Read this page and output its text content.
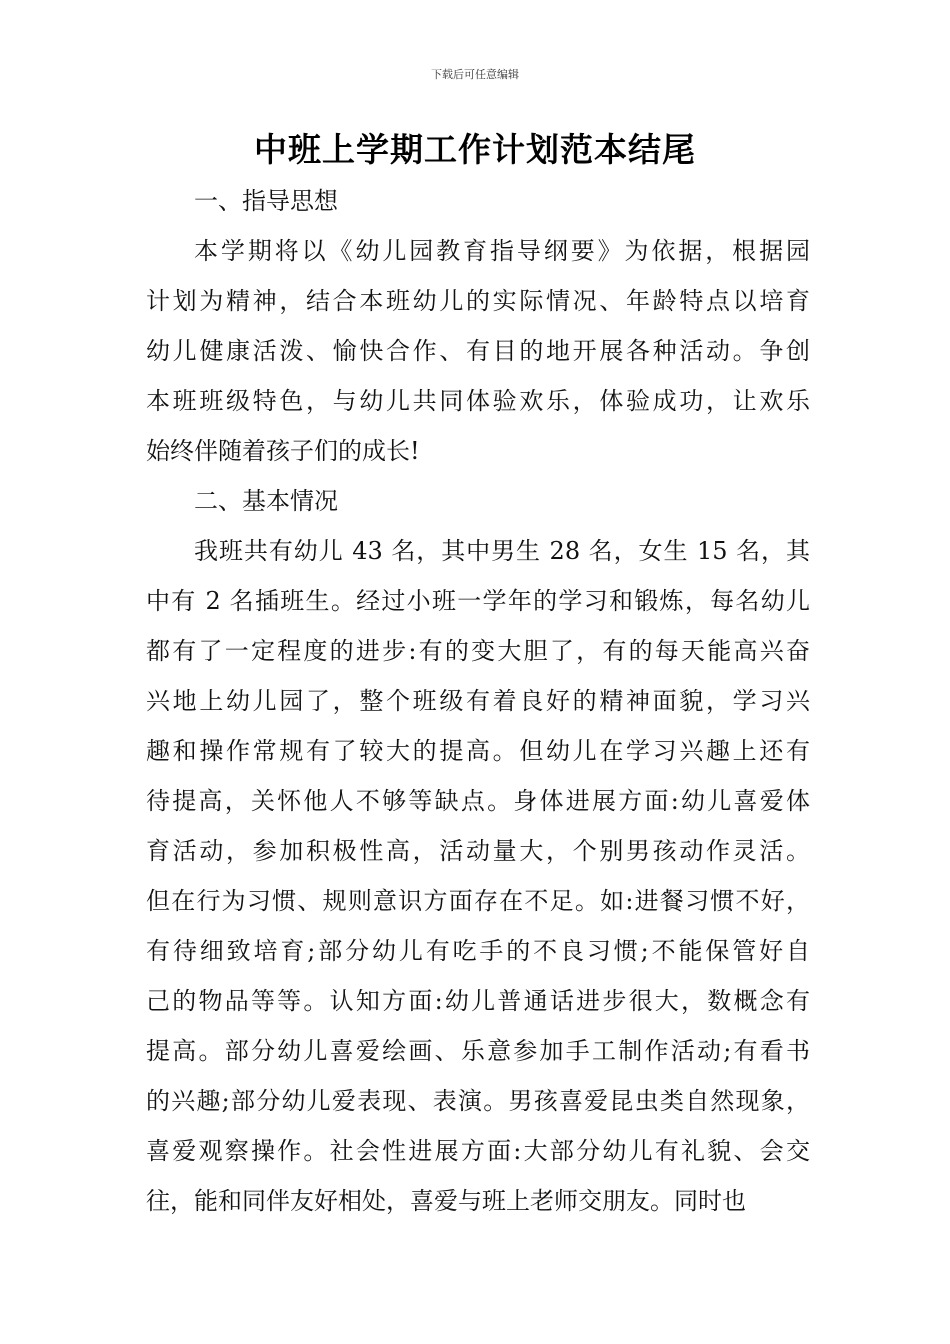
下载后可任意编辑
中班上学期工作计划范本结尾

一、指导思想

本学期将以《幼儿园教育指导纲要》为依据，根据园
计划为精神，结合本班幼儿的实际情况、年龄特点以培育
幼儿健康活泼、愉快合作、有目的地开展各种活动。争创
本班班级特色，与幼儿共同体验欢乐，体验成功，让欢乐
始终伴随着孩子们的成长!

二、基本情况

我班共有幼儿 43 名，其中男生 28 名，女生 15 名，其
中有 2 名插班生。经过小班一学年的学习和锻炼，每名幼儿
都有了一定程度的进步:有的变大胆了，有的每天能高兴奋
兴地上幼儿园了，整个班级有着良好的精神面貌，学习兴
趣和操作常规有了较大的提高。但幼儿在学习兴趣上还有
待提高，关怀他人不够等缺点。身体进展方面:幼儿喜爱体
育活动，参加积极性高，活动量大，个别男孩动作灵活。
但在行为习惯、规则意识方面存在不足。如:进餐习惯不好，
有待细致培育;部分幼儿有吃手的不良习惯;不能保管好自
己的物品等等。认知方面:幼儿普通话进步很大，数概念有
提高。部分幼儿喜爱绘画、乐意参加手工制作活动;有看书
的兴趣;部分幼儿爱表现、表演。男孩喜爱昆虫类自然现象，
喜爱观察操作。社会性进展方面:大部分幼儿有礼貌、会交
往，能和同伴友好相处，喜爱与班上老师交朋友。同时也
